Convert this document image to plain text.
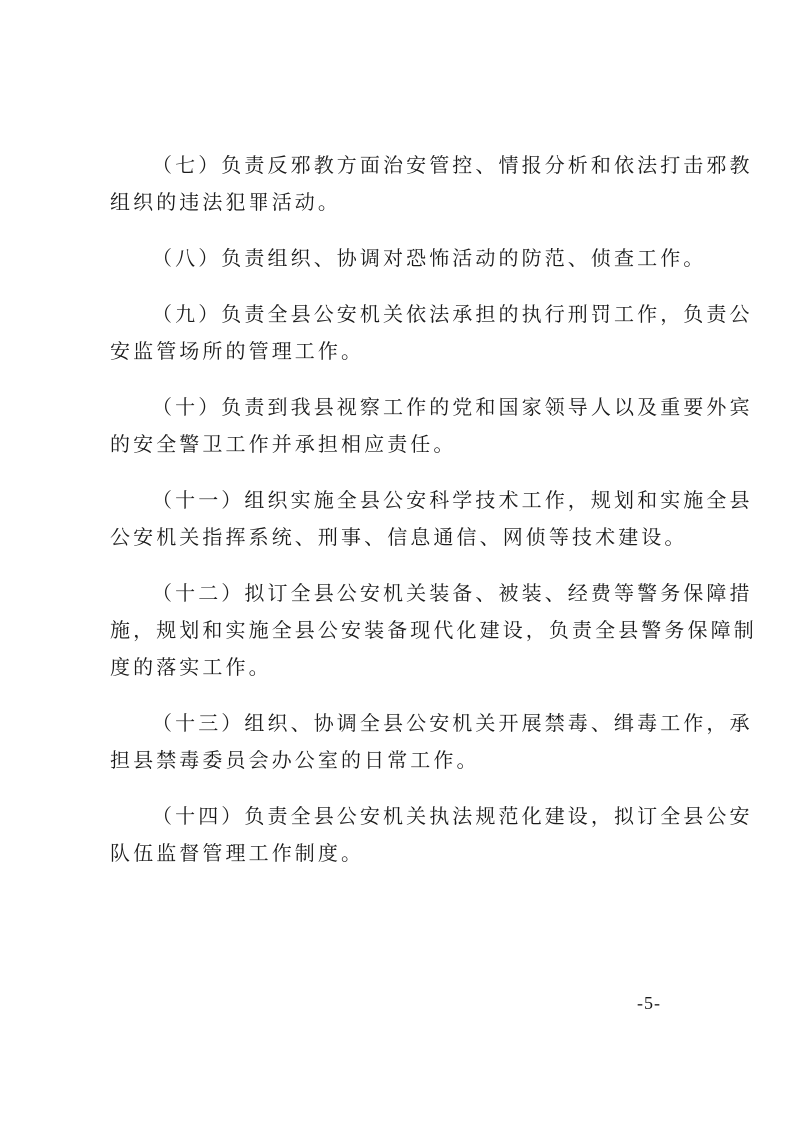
（七）负责反邪教方面治安管控、情报分析和依法打击邪教
组织的违法犯罪活动。

（八）负责组织、协调对恐怖活动的防范、侦查工作。

（九）负责全县公安机关依法承担的执行刑罚工作，负责公
安监管场所的管理工作。

（十）负责到我县视察工作的党和国家领导人以及重要外宾
的安全警卫工作并承担相应责任。

（十一）组织实施全县公安科学技术工作，规划和实施全县
公安机关指挥系统、刑事、信息通信、网侦等技术建设。

（十二）拟订全县公安机关装备、被装、经费等警务保障措
施，规划和实施全县公安装备现代化建设，负责全县警务保障制
度的落实工作。

（十三）组织、协调全县公安机关开展禁毒、缉毒工作，承
担县禁毒委员会办公室的日常工作。

（十四）负责全县公安机关执法规范化建设，拟订全县公安
队伍监督管理工作制度。

-5-
